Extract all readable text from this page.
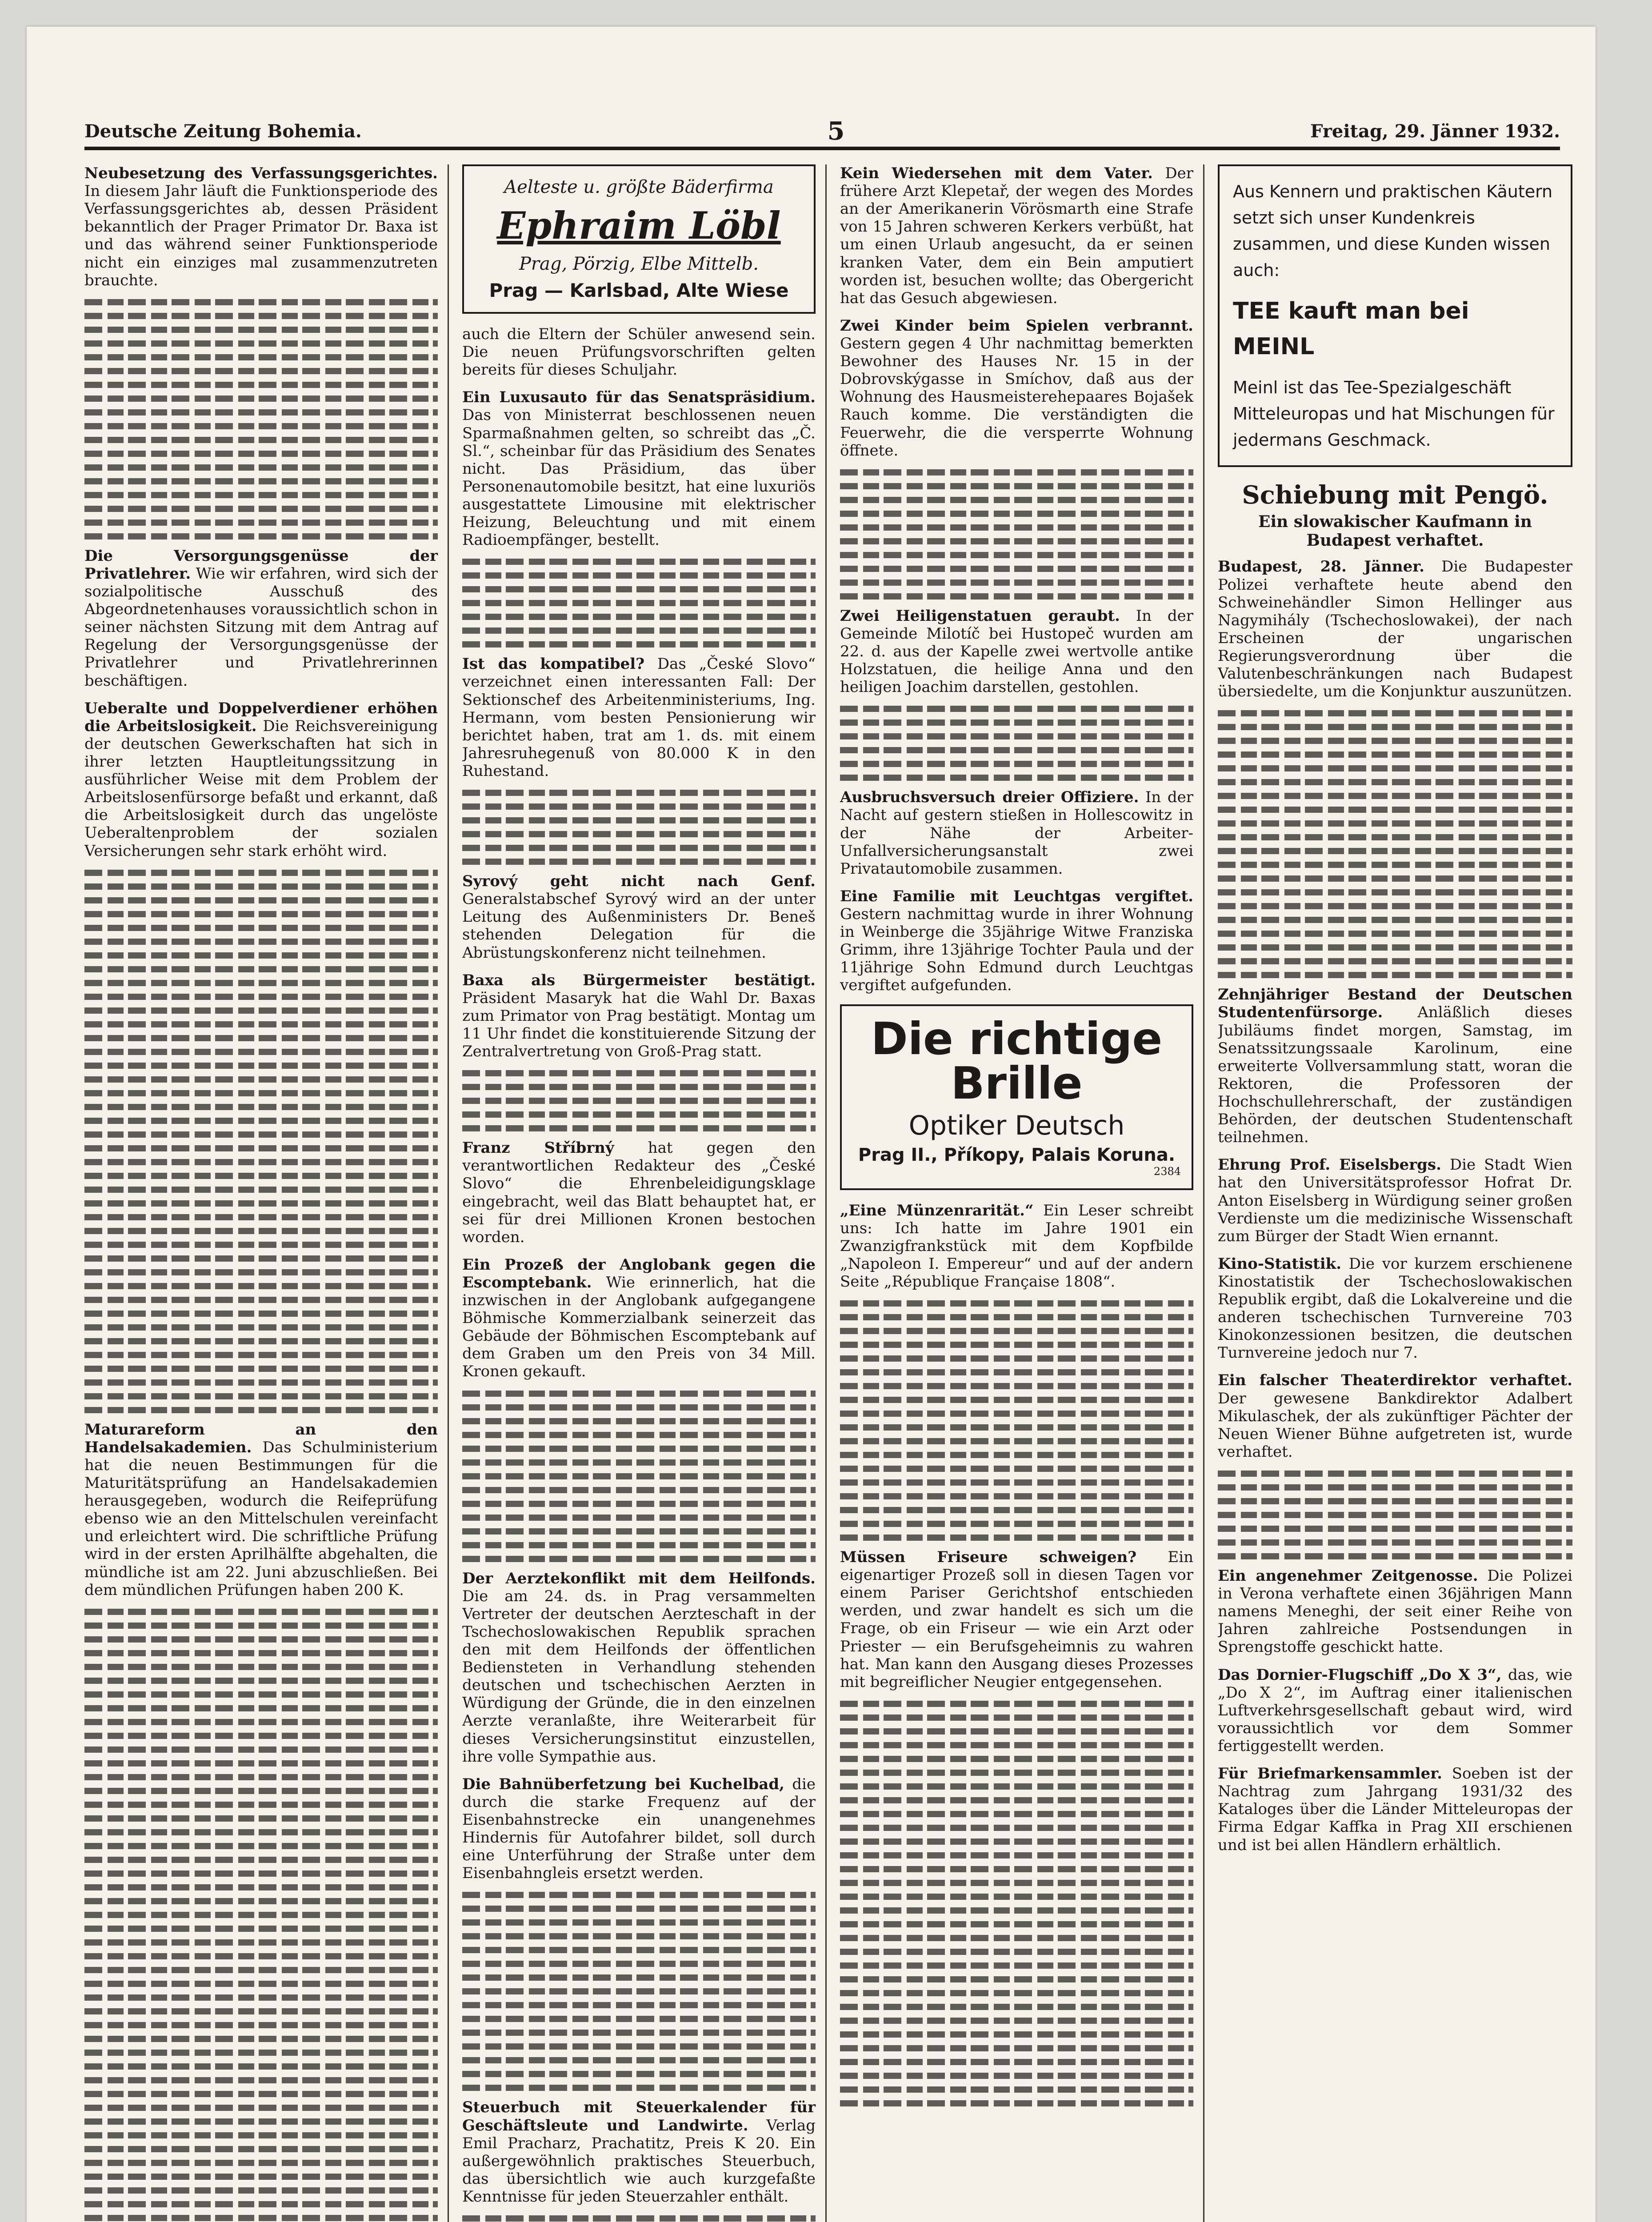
Deutsche Zeitung Bohemia.	5	Freitag, 29. Jänner 1932.
Neubesetzung des Verfassungsgerichtes. In diesem Jahr läuft die Funktionsperiode des Verfassungsgerichtes ab, dessen Präsident bekanntlich der Prager Primator Dr. Baxa ist und das während seiner Funktionsperiode nicht ein einziges mal zusammenzutreten brauchte.
Die Versorgungsgenüsse der Privatlehrer. Wie wir erfahren, wird sich der sozialpolitische Ausschuß des Abgeordnetenhauses voraussichtlich schon in seiner nächsten Sitzung mit dem Antrag auf Regelung der Versorgungsgenüsse der Privatlehrer und Privatlehrerinnen beschäftigen.
Ueberalte und Doppelverdiener erhöhen die Arbeitslosigkeit. Die Reichsvereinigung der deutschen Gewerkschaften hat sich in ihrer letzten Hauptleitungssitzung in ausführlicher Weise mit dem Problem der Arbeitslosenfürsorge befaßt und erkannt, daß die Arbeitslosigkeit durch das ungelöste Ueberaltenproblem der sozialen Versicherungen sehr stark erhöht wird.
Maturareform an den Handelsakademien. Das Schulministerium hat die neuen Bestimmungen für die Maturitätsprüfung an Handelsakademien herausgegeben, wodurch die Reifeprüfung ebenso wie an den Mittelschulen vereinfacht und erleichtert wird. Die schriftliche Prüfung wird in der ersten Aprilhälfte abgehalten, die mündliche ist am 22. Juni abzuschließen. Bei dem mündlichen Prüfungen haben 200 K.
Aelteste u. größte Bäderfirma
Ephraim Löbl
Prag, Pörzig, Elbe Mittelb.
Prag — Karlsbad, Alte Wiese
auch die Eltern der Schüler anwesend sein. Die neuen Prüfungsvorschriften gelten bereits für dieses Schuljahr.
Ein Luxusauto für das Senatspräsidium. Das von Ministerrat beschlossenen neuen Sparmaßnahmen gelten, so schreibt das „Č. Sl.“, scheinbar für das Präsidium des Senates nicht. Das Präsidium, das über Personenautomobile besitzt, hat eine luxuriös ausgestattete Limousine mit elektrischer Heizung, Beleuchtung und mit einem Radioempfänger, bestellt.
Ist das kompatibel? Das „České Slovo“ verzeichnet einen interessanten Fall: Der Sektionschef des Arbeitenministeriums, Ing. Hermann, vom besten Pensionierung wir berichtet haben, trat am 1. ds. mit einem Jahresruhegenuß von 80.000 K in den Ruhestand.
Syrový geht nicht nach Genf. Generalstabschef Syrový wird an der unter Leitung des Außenministers Dr. Beneš stehenden Delegation für die Abrüstungskonferenz nicht teilnehmen.
Baxa als Bürgermeister bestätigt. Präsident Masaryk hat die Wahl Dr. Baxas zum Primator von Prag bestätigt. Montag um 11 Uhr findet die konstituierende Sitzung der Zentralvertretung von Groß-Prag statt.
Franz Stříbrný hat gegen den verantwortlichen Redakteur des „České Slovo“ die Ehrenbeleidigungsklage eingebracht, weil das Blatt behauptet hat, er sei für drei Millionen Kronen bestochen worden.
Ein Prozeß der Anglobank gegen die Escomptebank. Wie erinnerlich, hat die inzwischen in der Anglobank aufgegangene Böhmische Kommerzialbank seinerzeit das Gebäude der Böhmischen Escomptebank auf dem Graben um den Preis von 34 Mill. Kronen gekauft.
Der Aerztekonflikt mit dem Heilfonds. Die am 24. ds. in Prag versammelten Vertreter der deutschen Aerzteschaft in der Tschechoslowakischen Republik sprachen den mit dem Heilfonds der öffentlichen Bediensteten in Verhandlung stehenden deutschen und tschechischen Aerzten in Würdigung der Gründe, die in den einzelnen Aerzte veranlaßte, ihre Weiterarbeit für dieses Versicherungsinstitut einzustellen, ihre volle Sympathie aus.
Die Bahnüberfetzung bei Kuchelbad, die durch die starke Frequenz auf der Eisenbahnstrecke ein unangenehmes Hindernis für Autofahrer bildet, soll durch eine Unterführung der Straße unter dem Eisenbahngleis ersetzt werden.
Steuerbuch mit Steuerkalender für Geschäftsleute und Landwirte. Verlag Emil Pracharz, Prachatitz, Preis K 20. Ein außergewöhnlich praktisches Steuerbuch, das übersichtlich wie auch kurzgefaßte Kenntnisse für jeden Steuerzahler enthält.
Kein Wiedersehen mit dem Vater. Der frühere Arzt Klepetař, der wegen des Mordes an der Amerikanerin Vörösmarth eine Strafe von 15 Jahren schweren Kerkers verbüßt, hat um einen Urlaub angesucht, da er seinen kranken Vater, dem ein Bein amputiert worden ist, besuchen wollte; das Obergericht hat das Gesuch abgewiesen.
Zwei Kinder beim Spielen verbrannt. Gestern gegen 4 Uhr nachmittag bemerkten Bewohner des Hauses Nr. 15 in der Dobrovskýgasse in Smíchov, daß aus der Wohnung des Hausmeisterehepaares Bojašek Rauch komme. Die verständigten die Feuerwehr, die die versperrte Wohnung öffnete.
Zwei Heiligenstatuen geraubt. In der Gemeinde Milotíč bei Hustopeč wurden am 22. d. aus der Kapelle zwei wertvolle antike Holzstatuen, die heilige Anna und den heiligen Joachim darstellen, gestohlen.
Ausbruchsversuch dreier Offiziere. In der Nacht auf gestern stießen in Hollescowitz in der Nähe der Arbeiter-Unfallversicherungsanstalt zwei Privatautomobile zusammen.
Eine Familie mit Leuchtgas vergiftet. Gestern nachmittag wurde in ihrer Wohnung in Weinberge die 35jährige Witwe Franziska Grimm, ihre 13jährige Tochter Paula und der 11jährige Sohn Edmund durch Leuchtgas vergiftet aufgefunden.
Die richtige Brille
Optiker Deutsch
Prag II., Příkopy, Palais Koruna.
2384
„Eine Münzenrarität.“ Ein Leser schreibt uns: Ich hatte im Jahre 1901 ein Zwanzigfrankstück mit dem Kopfbilde „Napoleon I. Empereur“ und auf der andern Seite „République Française 1808“.
Müssen Friseure schweigen? Ein eigenartiger Prozeß soll in diesen Tagen vor einem Pariser Gerichtshof entschieden werden, und zwar handelt es sich um die Frage, ob ein Friseur — wie ein Arzt oder Priester — ein Berufsgeheimnis zu wahren hat. Man kann den Ausgang dieses Prozesses mit begreiflicher Neugier entgegensehen.
Aus Kennern und praktischen Käutern setzt sich unser Kundenkreis zusammen, und diese Kunden wissen auch:
TEE kauft man bei MEINL
Meinl ist das Tee-Spezialgeschäft Mitteleuropas und hat Mischungen für jedermans Geschmack.
Schiebung mit Pengö.
Ein slowakischer Kaufmann in Budapest verhaftet.
Budapest, 28. Jänner. Die Budapester Polizei verhaftete heute abend den Schweinehändler Simon Hellinger aus Nagymihály (Tschechoslowakei), der nach Erscheinen der ungarischen Regierungsverordnung über die Valutenbeschränkungen nach Budapest übersiedelte, um die Konjunktur auszunützen.
Zehnjähriger Bestand der Deutschen Studentenfürsorge. Anläßlich dieses Jubiläums findet morgen, Samstag, im Senatssitzungssaale Karolinum, eine erweiterte Vollversammlung statt, woran die Rektoren, die Professoren der Hochschullehrerschaft, der zuständigen Behörden, der deutschen Studentenschaft teilnehmen.
Ehrung Prof. Eiselsbergs. Die Stadt Wien hat den Universitätsprofessor Hofrat Dr. Anton Eiselsberg in Würdigung seiner großen Verdienste um die medizinische Wissenschaft zum Bürger der Stadt Wien ernannt.
Kino-Statistik. Die vor kurzem erschienene Kinostatistik der Tschechoslowakischen Republik ergibt, daß die Lokalvereine und die anderen tschechischen Turnvereine 703 Kinokonzessionen besitzen, die deutschen Turnvereine jedoch nur 7.
Ein falscher Theaterdirektor verhaftet. Der gewesene Bankdirektor Adalbert Mikulaschek, der als zukünftiger Pächter der Neuen Wiener Bühne aufgetreten ist, wurde verhaftet.
Ein angenehmer Zeitgenosse. Die Polizei in Verona verhaftete einen 36jährigen Mann namens Meneghi, der seit einer Reihe von Jahren zahlreiche Postsendungen in Sprengstoffe geschickt hatte.
Das Dornier-Flugschiff „Do X 3“, das, wie „Do X 2“, im Auftrag einer italienischen Luftverkehrsgesellschaft gebaut wird, wird voraussichtlich vor dem Sommer fertiggestellt werden.
Für Briefmarkensammler. Soeben ist der Nachtrag zum Jahrgang 1931/32 des Kataloges über die Länder Mitteleuropas der Firma Edgar Kaffka in Prag XII erschienen und ist bei allen Händlern erhältlich.
